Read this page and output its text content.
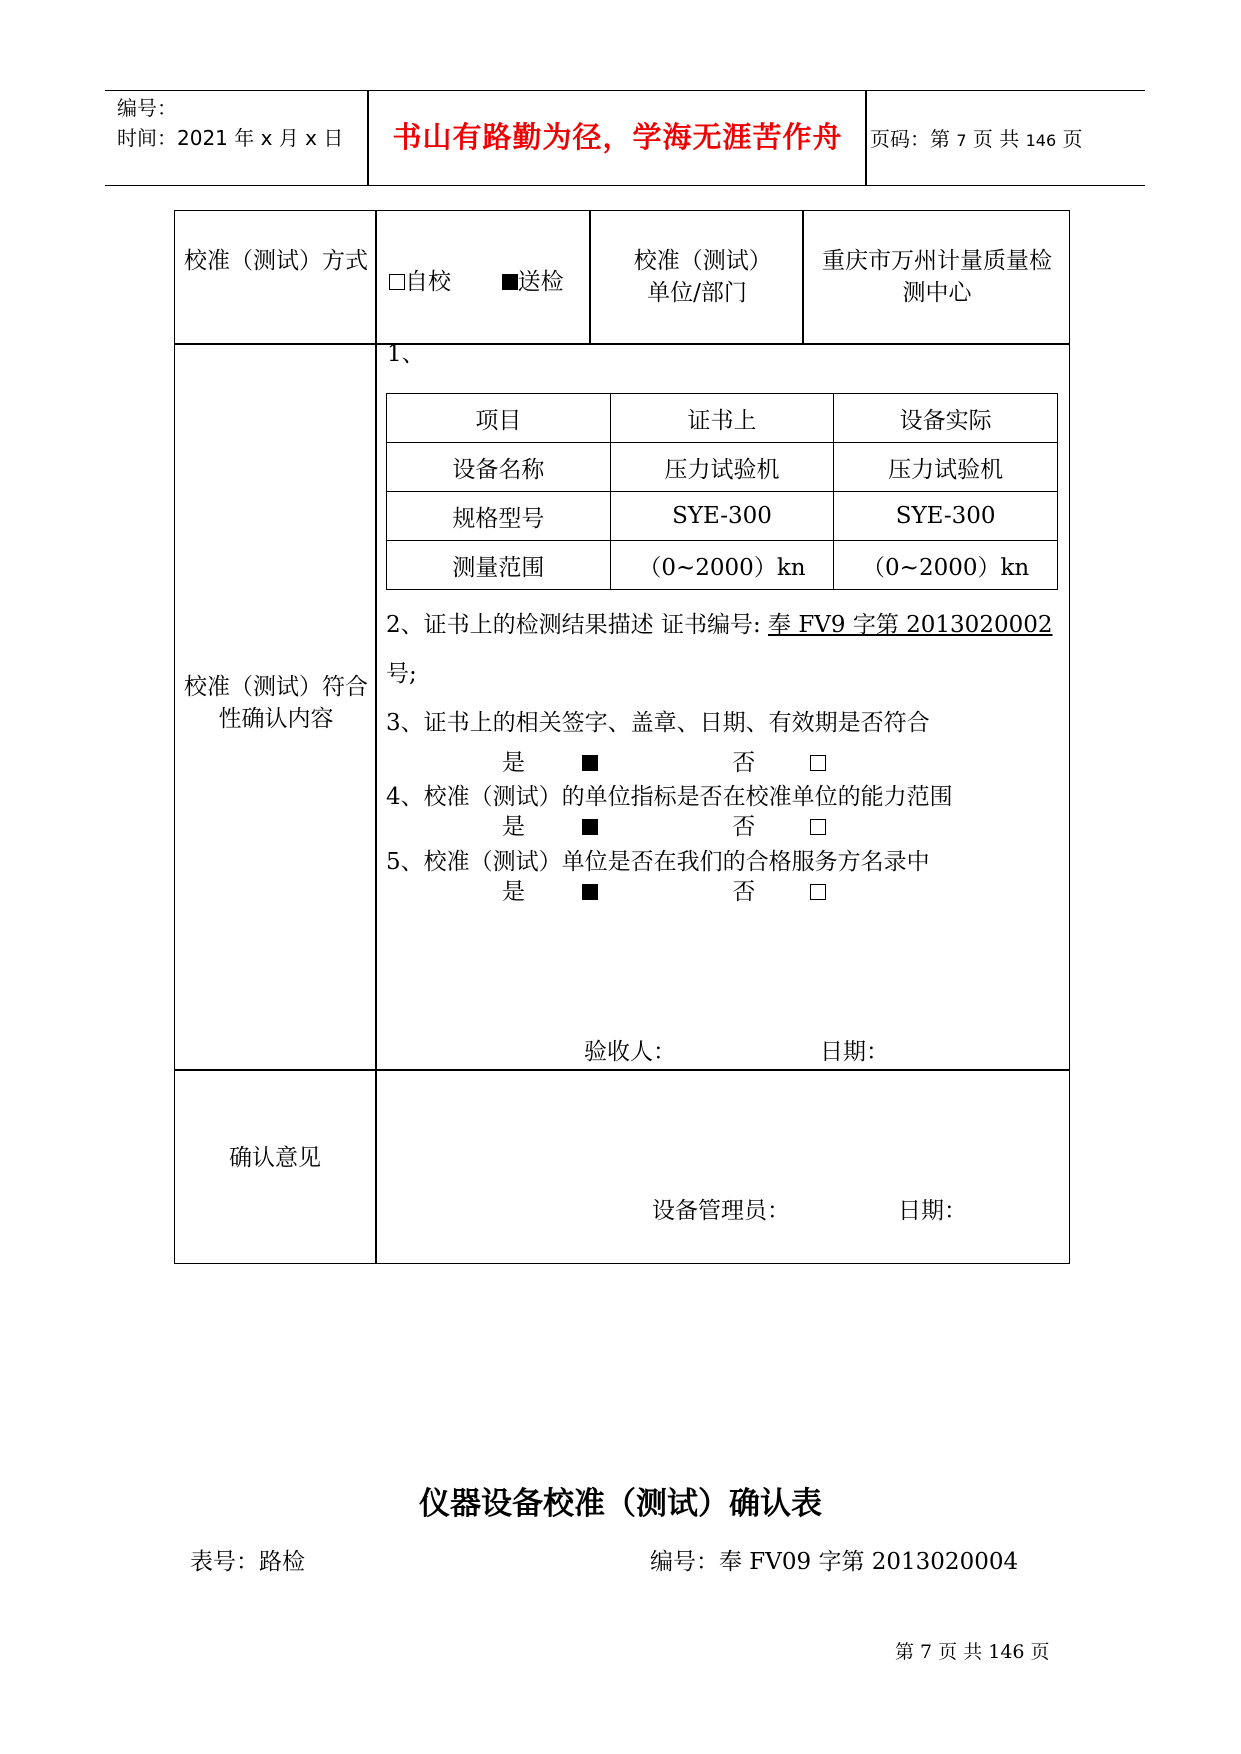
编号：
时间：2021 年 x 月 x 日	书山有路勤为径，学海无涯苦作舟	页码：第 7 页 共 146 页
校准（测试）方式
自校	送检
校准（测试）单位/部门
重庆市万州计量质量检测中心
校准（测试）符合性确认内容
1、
项目	证书上	设备实际
设备名称	压力试验机	压力试验机
规格型号	SYE-300	SYE-300
测量范围	（0~2000）kn	（0~2000）kn
2、证书上的检测结果描述 证书编号: 奉 FV9 字第 2013020002
号;
3、证书上的相关签字、盖章、日期、有效期是否符合
是	否
4、校准（测试）的单位指标是否在校准单位的能力范围
是	否
5、校准（测试）单位是否在我们的合格服务方名录中
是	否
验收人：	日期：
确认意见
设备管理员：	日期：
仪器设备校准（测试）确认表
表号：路检	编号：奉 FV09 字第 2013020004
第 7 页 共 146 页
